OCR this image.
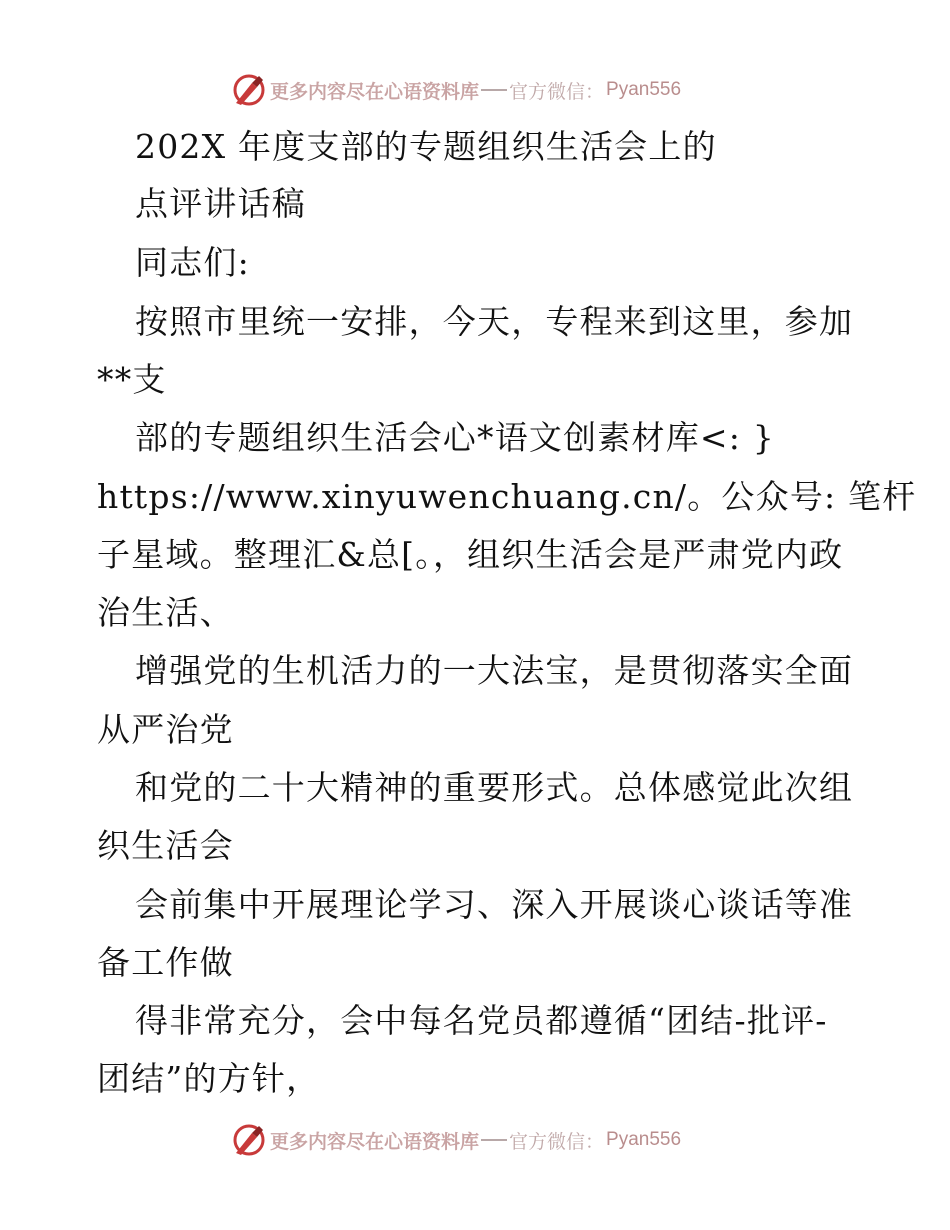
更多内容尽在心语资料库 官方微信： Pyan556
202X 年度支部的专题组织生活会上的
点评讲话稿
同志们:
按照市里统一安排，今天，专程来到这里，参加
**支
部的专题组织生活会心*语文创素材库<: }
https://www.xinyuwenchuang.cn/。公众号: 笔杆
子星域。整理汇&总[。，组织生活会是严肃党内政
治生活、
增强党的生机活力的一大法宝，是贯彻落实全面
从严治党
和党的二十大精神的重要形式。总体感觉此次组
织生活会
会前集中开展理论学习、深入开展谈心谈话等准
备工作做
得非常充分，会中每名党员都遵循“团结-批评-
团结”的方针，
更多内容尽在心语资料库 官方微信： Pyan556
